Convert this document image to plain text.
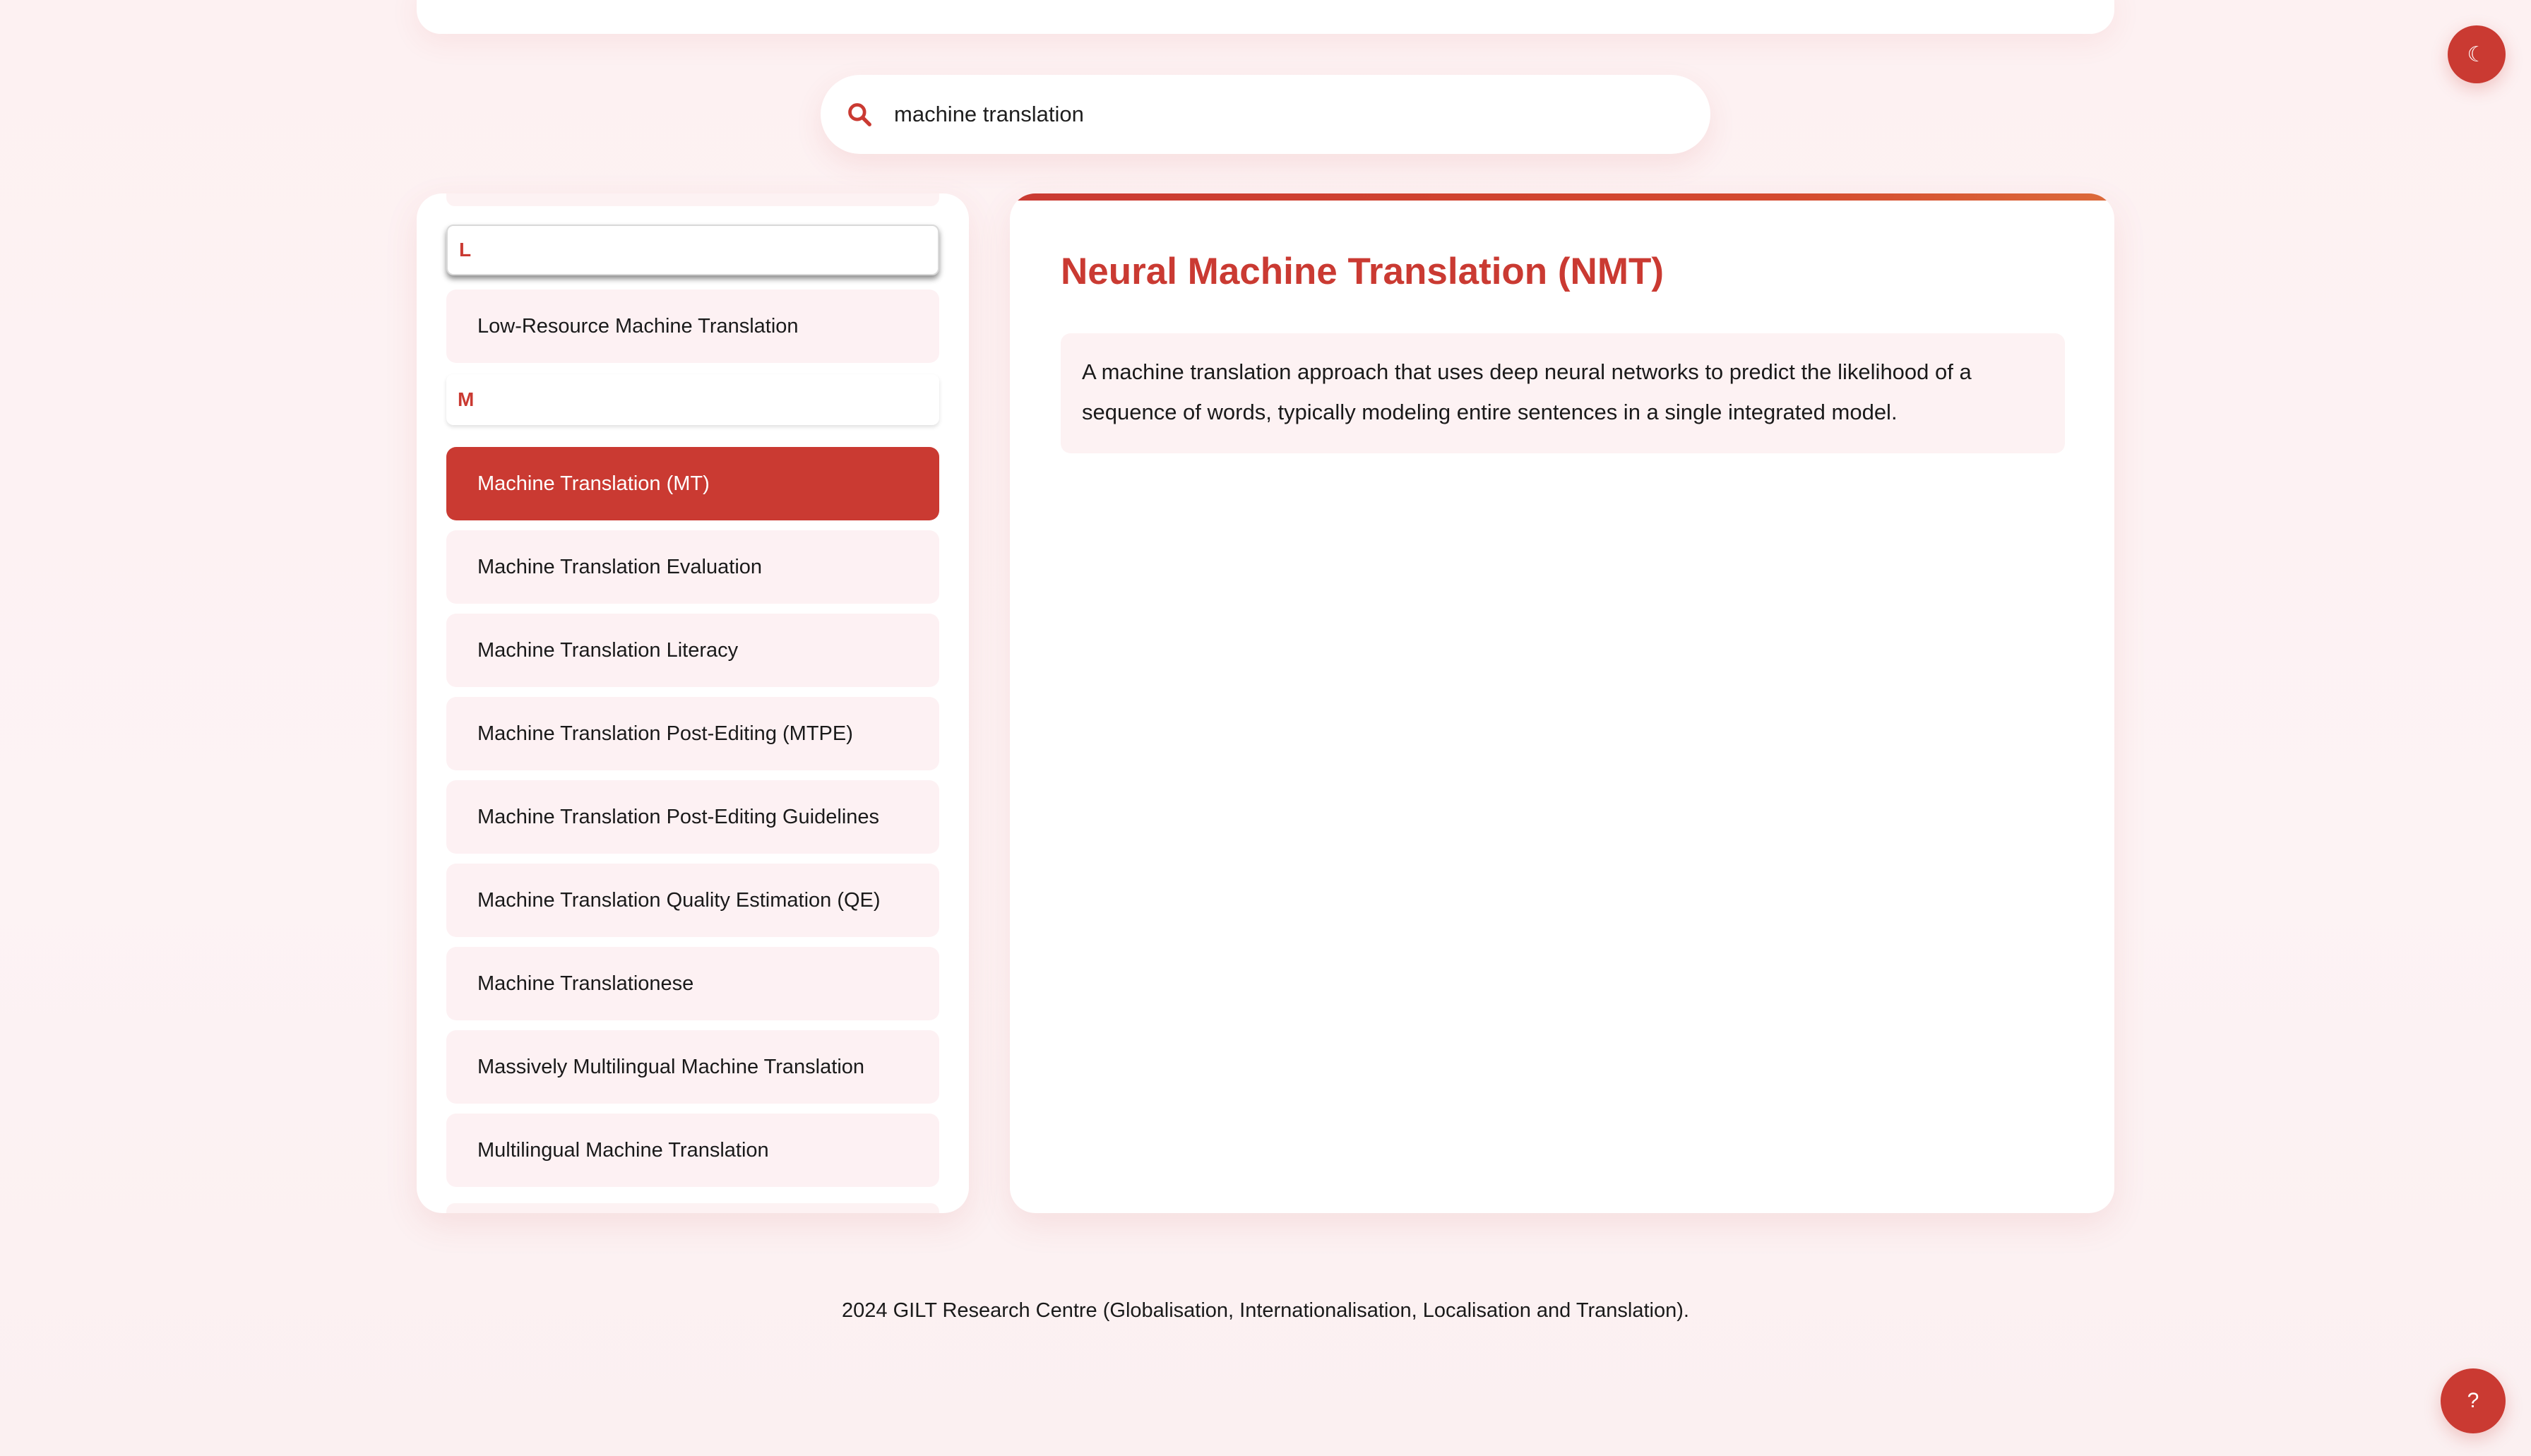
☾
machine translation
L
Low-Resource Machine Translation
M
Machine Translation (MT)
Machine Translation Evaluation
Machine Translation Literacy
Machine Translation Post-Editing (MTPE)
Machine Translation Post-Editing Guidelines
Machine Translation Quality Estimation (QE)
Machine Translationese
Massively Multilingual Machine Translation
Multilingual Machine Translation
Neural Machine Translation (NMT)
A machine translation approach that uses deep neural networks to predict the likelihood of a sequence of words, typically modeling entire sentences in a single integrated model.
2024 GILT Research Centre (Globalisation, Internationalisation, Localisation and Translation).
?
